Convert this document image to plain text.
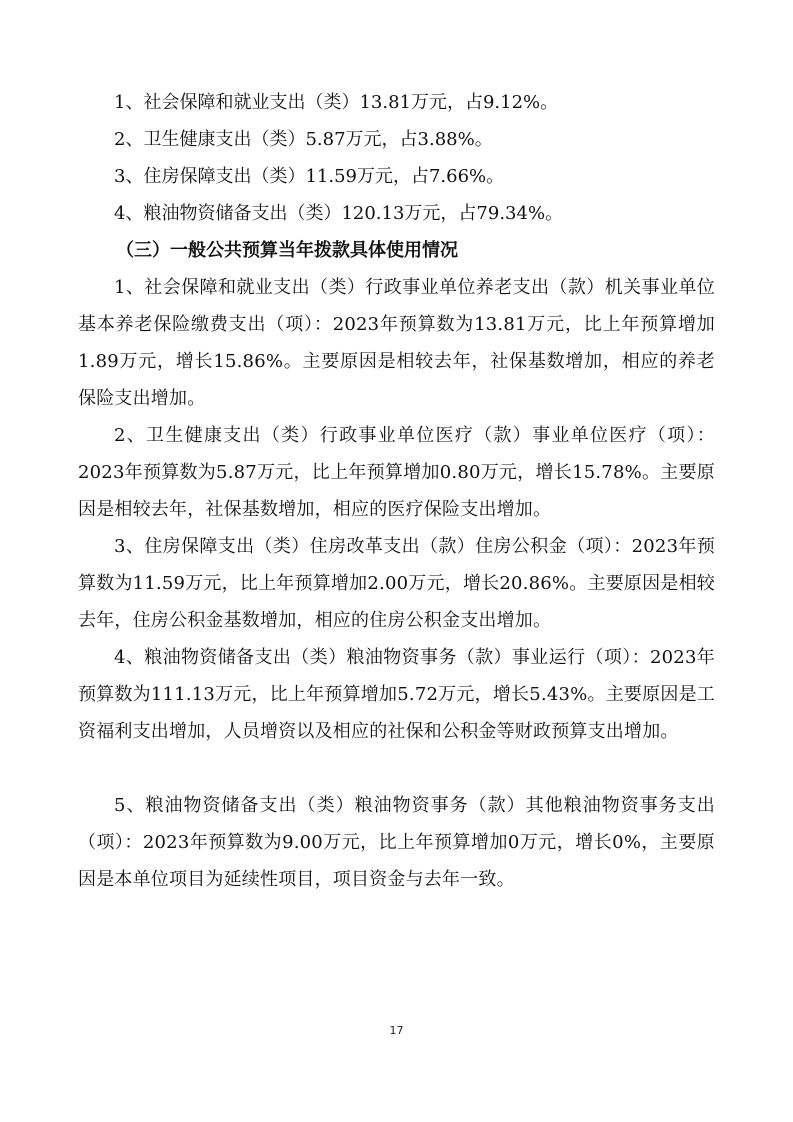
1、社会保障和就业支出（类）13.81万元，占9.12%。

2、卫生健康支出（类）5.87万元，占3.88%。

3、住房保障支出（类）11.59万元，占7.66%。

4、粮油物资储备支出（类）120.13万元，占79.34%。

（三）一般公共预算当年拨款具体使用情况

1、社会保障和就业支出（类）行政事业单位养老支出（款）机关事业单位基本养老保险缴费支出（项）：2023年预算数为13.81万元，比上年预算增加1.89万元，增长15.86%。主要原因是相较去年，社保基数增加，相应的养老保险支出增加。

2、卫生健康支出（类）行政事业单位医疗（款）事业单位医疗（项）：2023年预算数为5.87万元，比上年预算增加0.80万元，增长15.78%。主要原因是相较去年，社保基数增加，相应的医疗保险支出增加。

3、住房保障支出（类）住房改革支出（款）住房公积金（项）：2023年预算数为11.59万元，比上年预算增加2.00万元，增长20.86%。主要原因是相较去年，住房公积金基数增加，相应的住房公积金支出增加。

4、粮油物资储备支出（类）粮油物资事务（款）事业运行（项）：2023年预算数为111.13万元，比上年预算增加5.72万元，增长5.43%。主要原因是工资福利支出增加，人员增资以及相应的社保和公积金等财政预算支出增加。

5、粮油物资储备支出（类）粮油物资事务（款）其他粮油物资事务支出（项）：2023年预算数为9.00万元，比上年预算增加0万元，增长0%，主要原因是本单位项目为延续性项目，项目资金与去年一致。

17
